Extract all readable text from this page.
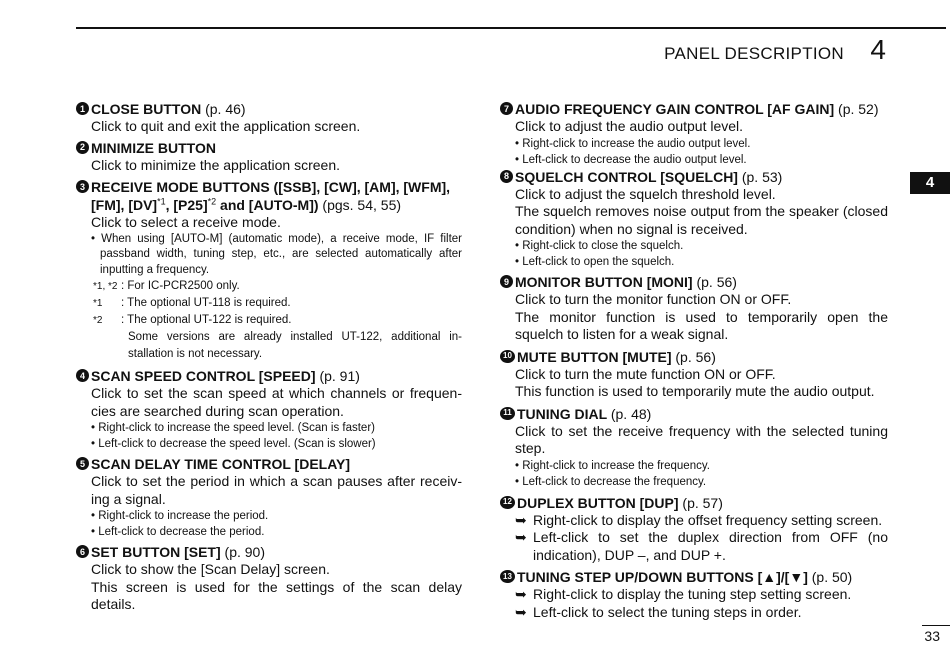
PANEL DESCRIPTION 4
4
33
1 CLOSE BUTTON (p. 46)
Click to quit and exit the application screen.
2 MINIMIZE BUTTON
Click to minimize the application screen.
3 RECEIVE MODE BUTTONS ([SSB], [CW], [AM], [WFM], [FM], [DV]$^{*1}$, [P25]$^{*2}$ and [AUTO-M]) (pgs. 54, 55)
Click to select a receive mode.
• When using [AUTO-M] (automatic mode), a receive mode, IF filter passband width, tuning step, etc., are selected automatically after inputting a frequency.
*1, *2 : For IC-PCR2500 only.
*1	: The optional UT-118 is required.
*2	: The optional UT-122 is required.
Some versions are already installed UT-122, additional in-stallation is not necessary.
4 SCAN SPEED CONTROL [SPEED] (p. 91)
Click to set the scan speed at which channels or frequen-cies are searched during scan operation.
• Right-click to increase the speed level. (Scan is faster)
• Left-click to decrease the speed level. (Scan is slower)
5 SCAN DELAY TIME CONTROL [DELAY]
Click to set the period in which a scan pauses after receiv-ing a signal.
• Right-click to increase the period.
• Left-click to decrease the period.
6 SET BUTTON [SET] (p. 90)
Click to show the [Scan Delay] screen.
This screen is used for the settings of the scan delay details.
7 AUDIO FREQUENCY GAIN CONTROL [AF GAIN] (p. 52)
Click to adjust the audio output level.
• Right-click to increase the audio output level.
• Left-click to decrease the audio output level.
8 SQUELCH CONTROL [SQUELCH] (p. 53)
Click to adjust the squelch threshold level.
The squelch removes noise output from the speaker (closed condition) when no signal is received.
• Right-click to close the squelch.
• Left-click to open the squelch.
9 MONITOR BUTTON [MONI] (p. 56)
Click to turn the monitor function ON or OFF.
The monitor function is used to temporarily open the squelch to listen for a weak signal.
10 MUTE BUTTON [MUTE] (p. 56)
Click to turn the mute function ON or OFF.
This function is used to temporarily mute the audio output.
11 TUNING DIAL (p. 48)
Click to set the receive frequency with the selected tuning step.
• Right-click to increase the frequency.
• Left-click to decrease the frequency.
12 DUPLEX BUTTON [DUP] (p. 57)
➥ Right-click to display the offset frequency setting screen.
➥ Left-click to set the duplex direction from OFF (no indication), DUP –, and DUP +.
13 TUNING STEP UP/DOWN BUTTONS [▲]/[▼] (p. 50)
➥ Right-click to display the tuning step setting screen.
➥ Left-click to select the tuning steps in order.
